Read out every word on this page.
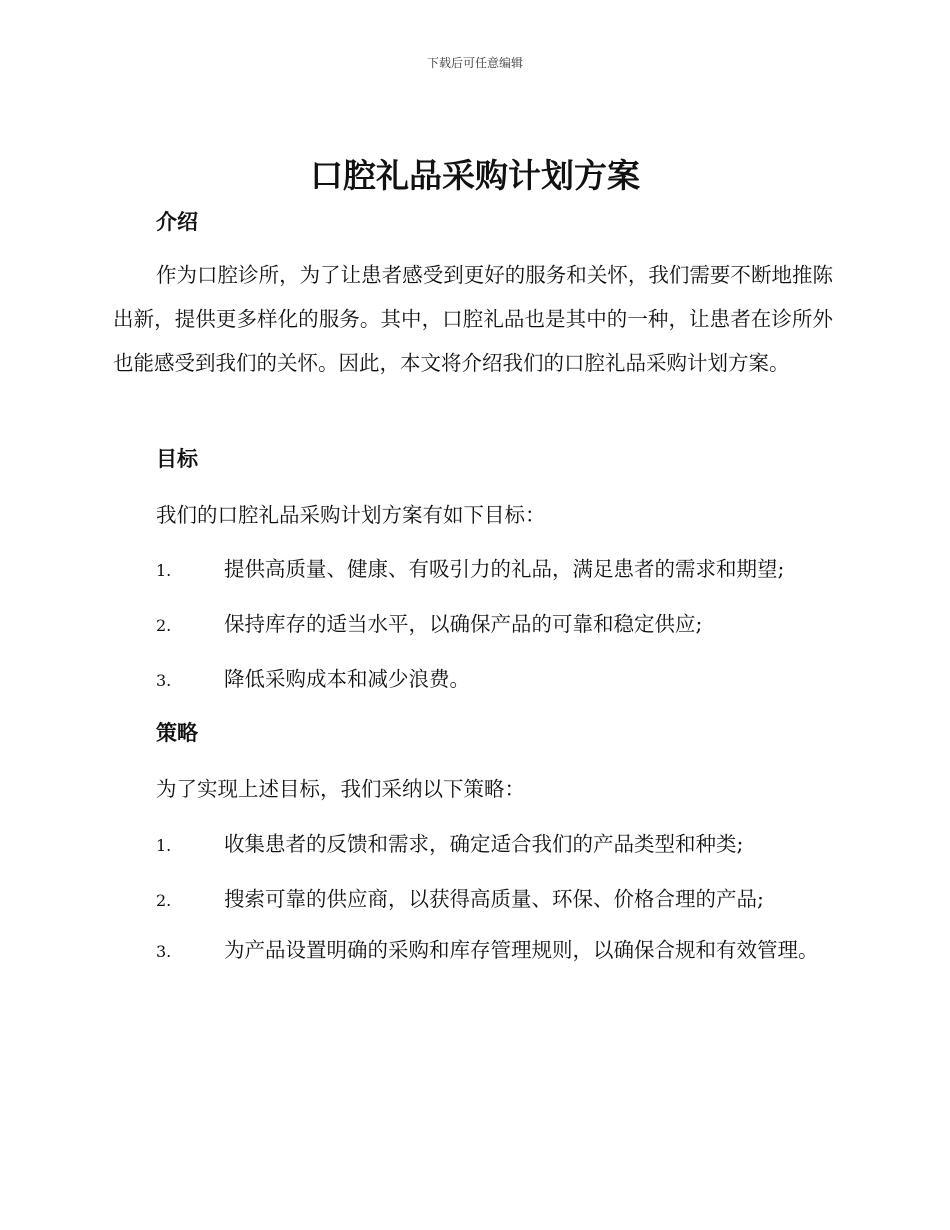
下载后可任意编辑
口腔礼品采购计划方案
介绍

作为口腔诊所，为了让患者感受到更好的服务和关怀，我们需要不断地推陈出新，提供更多样化的服务。其中，口腔礼品也是其中的一种，让患者在诊所外也能感受到我们的关怀。因此，本文将介绍我们的口腔礼品采购计划方案。

目标

我们的口腔礼品采购计划方案有如下目标：

1.	提供高质量、健康、有吸引力的礼品，满足患者的需求和期望;

2.	保持库存的适当水平，以确保产品的可靠和稳定供应;

3.	降低采购成本和减少浪费。

策略

为了实现上述目标，我们采纳以下策略：

1.	收集患者的反馈和需求，确定适合我们的产品类型和种类;

2.	搜索可靠的供应商，以获得高质量、环保、价格合理的产品;

3.	为产品设置明确的采购和库存管理规则，以确保合规和有效管理。
